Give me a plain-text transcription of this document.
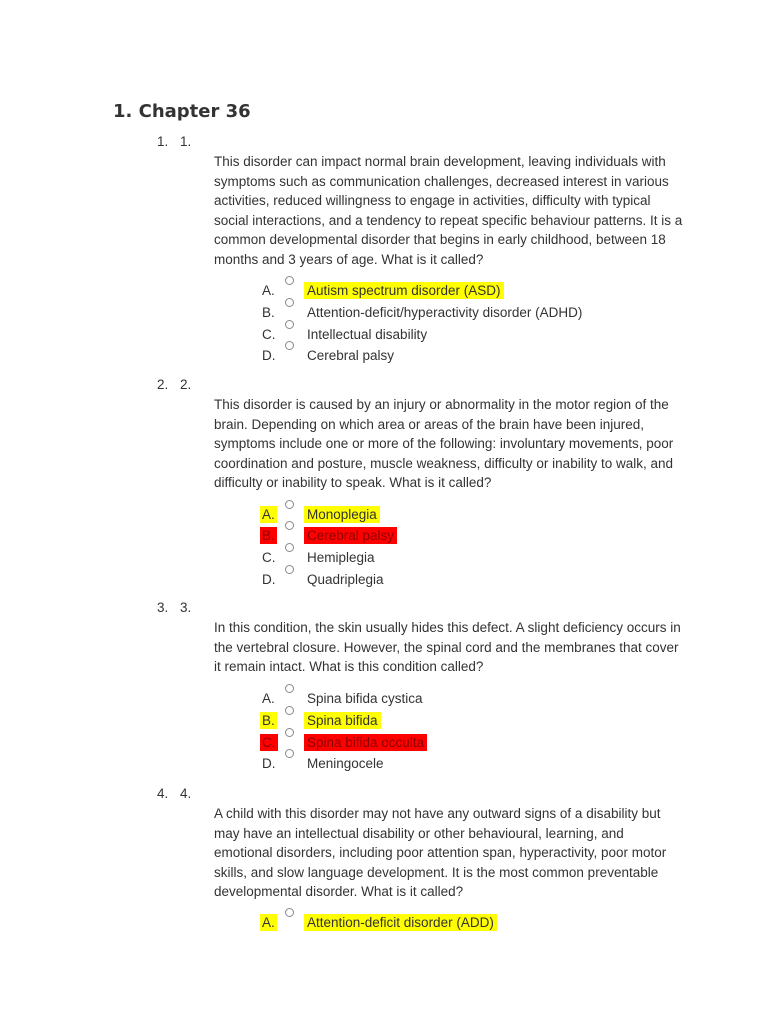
1. Chapter 36
1. 1.

This disorder can impact normal brain development, leaving individuals with symptoms such as communication challenges, decreased interest in various activities, reduced willingness to engage in activities, difficulty with typical social interactions, and a tendency to repeat specific behaviour patterns. It is a common developmental disorder that begins in early childhood, between 18 months and 3 years of age. What is it called?

A. Autism spectrum disorder (ASD)
B. Attention-deficit/hyperactivity disorder (ADHD)
C. Intellectual disability
D. Cerebral palsy
2. 2.

This disorder is caused by an injury or abnormality in the motor region of the brain. Depending on which area or areas of the brain have been injured, symptoms include one or more of the following: involuntary movements, poor coordination and posture, muscle weakness, difficulty or inability to walk, and difficulty or inability to speak. What is it called?

A. Monoplegia
B. Cerebral palsy
C. Hemiplegia
D. Quadriplegia
3. 3.

In this condition, the skin usually hides this defect. A slight deficiency occurs in the vertebral closure. However, the spinal cord and the membranes that cover it remain intact. What is this condition called?

A. Spina bifida cystica
B. Spina bifida
C. Spina bifida occulta
D. Meningocele
4. 4.

A child with this disorder may not have any outward signs of a disability but may have an intellectual disability or other behavioural, learning, and emotional disorders, including poor attention span, hyperactivity, poor motor skills, and slow language development. It is the most common preventable developmental disorder. What is it called?

A. Attention-deficit disorder (ADD)
